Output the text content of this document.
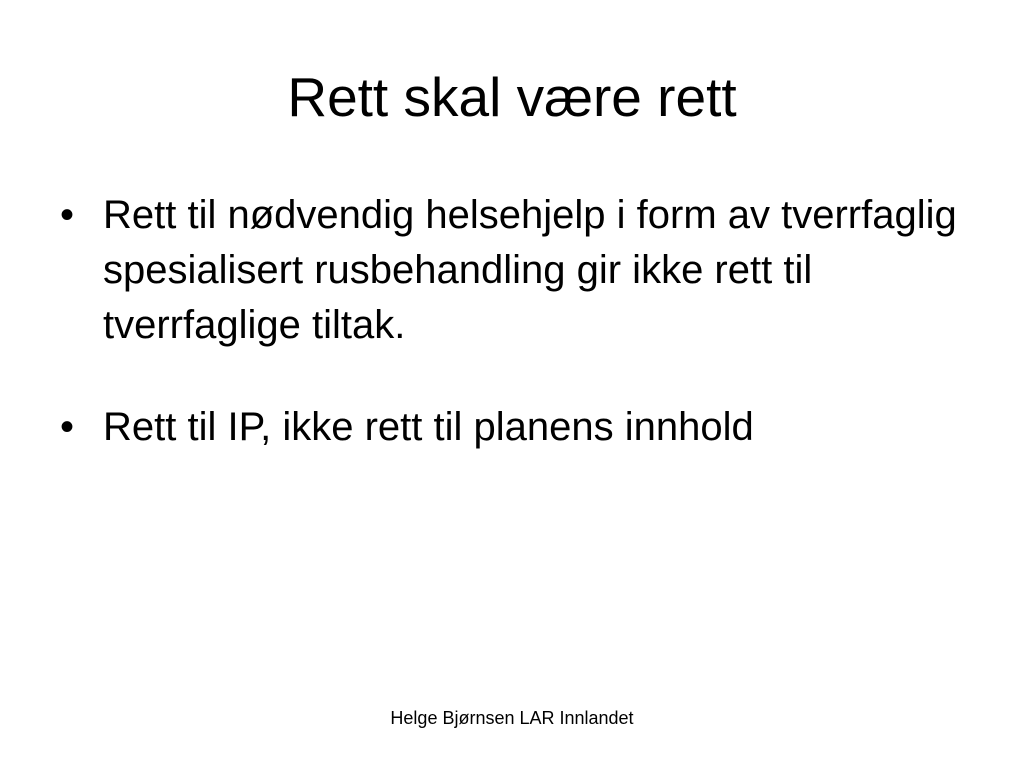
Rett skal være rett
• Rett til nødvendig helsehjelp i form av tverrfaglig spesialisert rusbehandling gir ikke rett til tverrfaglige tiltak.
• Rett til IP, ikke rett til planens innhold
Helge Bjørnsen LAR Innlandet
